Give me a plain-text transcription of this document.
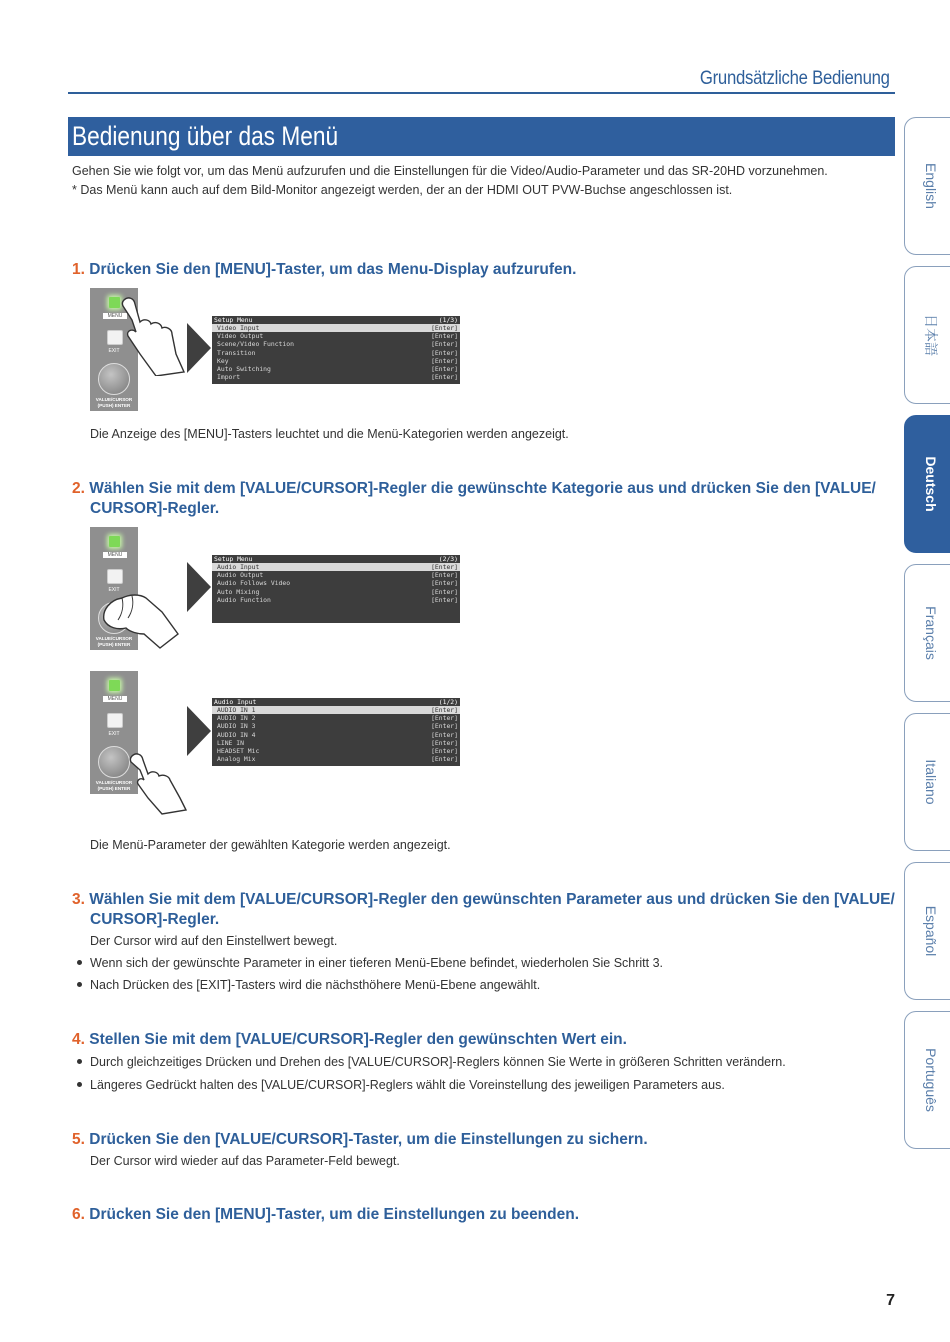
Grundsätzliche Bedienung
Bedienung über das Menü
Gehen Sie wie folgt vor, um das Menü aufzurufen und die Einstellungen für die Video/Audio-Parameter und das SR-20HD vorzunehmen.
* Das Menü kann auch auf dem Bild-Monitor angezeigt werden, der an der HDMI OUT PVW-Buchse angeschlossen ist.
1. Drücken Sie den [MENU]-Taster, um das Menu-Display aufzurufen.
MENU
EXIT
VALUE/CURSOR
(PUSH) ENTER
Setup Menu	(1/3)
Video Input	[Enter]
Video Output	[Enter]
Scene/Video Function	[Enter]
Transition	[Enter]
Key	[Enter]
Auto Switching	[Enter]
Import	[Enter]
Die Anzeige des [MENU]-Tasters leuchtet und die Menü-Kategorien werden angezeigt.
2. Wählen Sie mit dem [VALUE/CURSOR]-Regler die gewünschte Kategorie aus und drücken Sie den [VALUE/
CURSOR]-Regler.
MENU
EXIT
VALUE/CURSOR
(PUSH) ENTER
Setup Menu	(2/3)
Audio Input	[Enter]
Audio Output	[Enter]
Audio Follows Video	[Enter]
Auto Mixing	[Enter]
Audio Function	[Enter]
MENU
EXIT
VALUE/CURSOR
(PUSH) ENTER
Audio Input	(1/2)
AUDIO IN 1	[Enter]
AUDIO IN 2	[Enter]
AUDIO IN 3	[Enter]
AUDIO IN 4	[Enter]
LINE IN	[Enter]
HEADSET Mic	[Enter]
Analog Mix	[Enter]
Die Menü-Parameter der gewählten Kategorie werden angezeigt.
3. Wählen Sie mit dem [VALUE/CURSOR]-Regler den gewünschten Parameter aus und drücken Sie den [VALUE/
CURSOR]-Regler.
Der Cursor wird auf den Einstellwert bewegt.
Wenn sich der gewünschte Parameter in einer tieferen Menü-Ebene befindet, wiederholen Sie Schritt 3.
Nach Drücken des [EXIT]-Tasters wird die nächsthöhere Menü-Ebene angewählt.
4. Stellen Sie mit dem [VALUE/CURSOR]-Regler den gewünschten Wert ein.
Durch gleichzeitiges Drücken und Drehen des [VALUE/CURSOR]-Reglers können Sie Werte in größeren Schritten verändern.
Längeres Gedrückt halten des [VALUE/CURSOR]-Reglers wählt die Voreinstellung des jeweiligen Parameters aus.
5. Drücken Sie den [VALUE/CURSOR]-Taster, um die Einstellungen zu sichern.
Der Cursor wird wieder auf das Parameter-Feld bewegt.
6. Drücken Sie den [MENU]-Taster, um die Einstellungen zu beenden.
English
日本語
Deutsch
Français
Italiano
Español
Português
7
